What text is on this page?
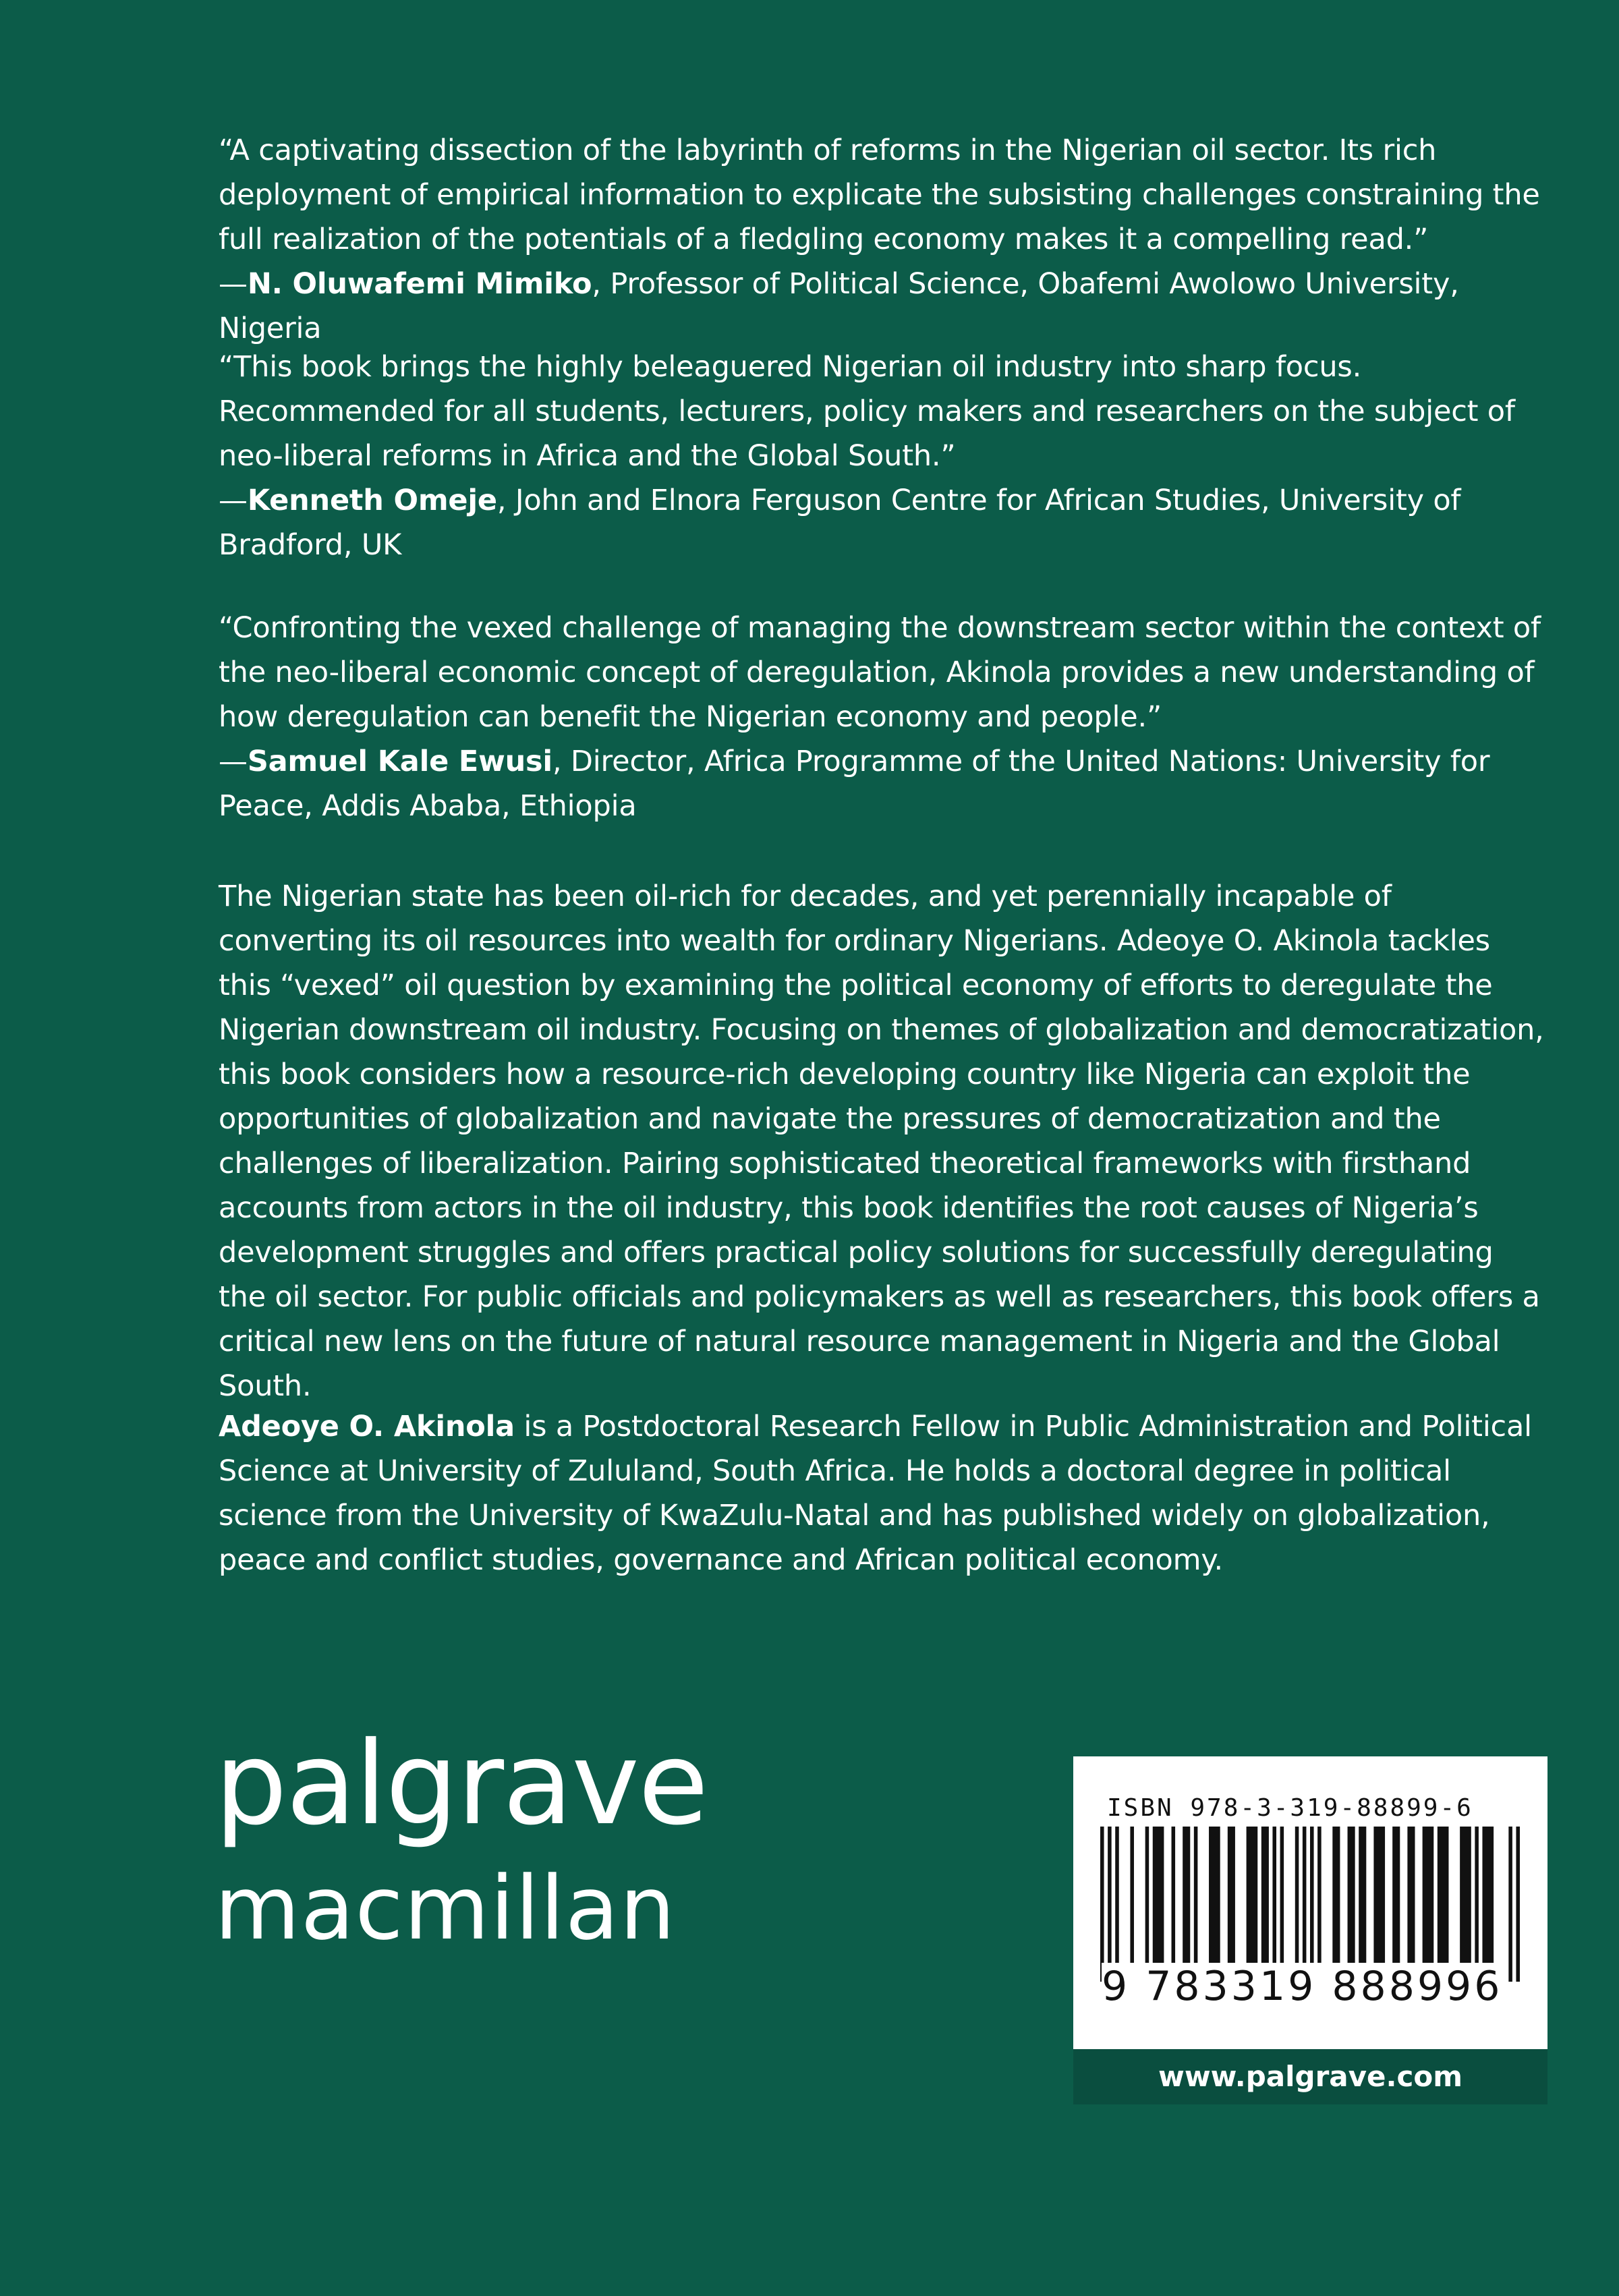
“A captivating dissection of the labyrinth of reforms in the Nigerian oil sector. Its rich deployment of empirical information to explicate the subsisting challenges constraining the full realization of the potentials of a fledgling economy makes it a compelling read.”

—N. Oluwafemi Mimiko, Professor of Political Science, Obafemi Awolowo University, Nigeria

“This book brings the highly beleaguered Nigerian oil industry into sharp focus. Recommended for all students, lecturers, policy makers and researchers on the subject of neo-liberal reforms in Africa and the Global South.”

—Kenneth Omeje, John and Elnora Ferguson Centre for African Studies, University of Bradford, UK

“Confronting the vexed challenge of managing the downstream sector within the context of the neo-liberal economic concept of deregulation, Akinola provides a new understanding of how deregulation can benefit the Nigerian economy and people.”

—Samuel Kale Ewusi, Director, Africa Programme of the United Nations: University for Peace, Addis Ababa, Ethiopia

The Nigerian state has been oil-rich for decades, and yet perennially incapable of converting its oil resources into wealth for ordinary Nigerians. Adeoye O. Akinola tackles this “vexed” oil question by examining the political economy of efforts to deregulate the Nigerian downstream oil industry. Focusing on themes of globalization and democratization, this book considers how a resource-rich developing country like Nigeria can exploit the opportunities of globalization and navigate the pressures of democratization and the challenges of liberalization. Pairing sophisticated theoretical frameworks with firsthand accounts from actors in the oil industry, this book identifies the root causes of Nigeria’s development struggles and offers practical policy solutions for successfully deregulating the oil sector. For public officials and policymakers as well as researchers, this book offers a critical new lens on the future of natural resource management in Nigeria and the Global South.

Adeoye O. Akinola is a Postdoctoral Research Fellow in Public Administration and Political Science at University of Zululand, South Africa. He holds a doctoral degree in political science from the University of KwaZulu-Natal and has published widely on globalization, peace and conflict studies, governance and African political economy.

palgrave
macmillan
ISBN 978-3-319-88899-6
9 783319 888996
www.palgrave.com
